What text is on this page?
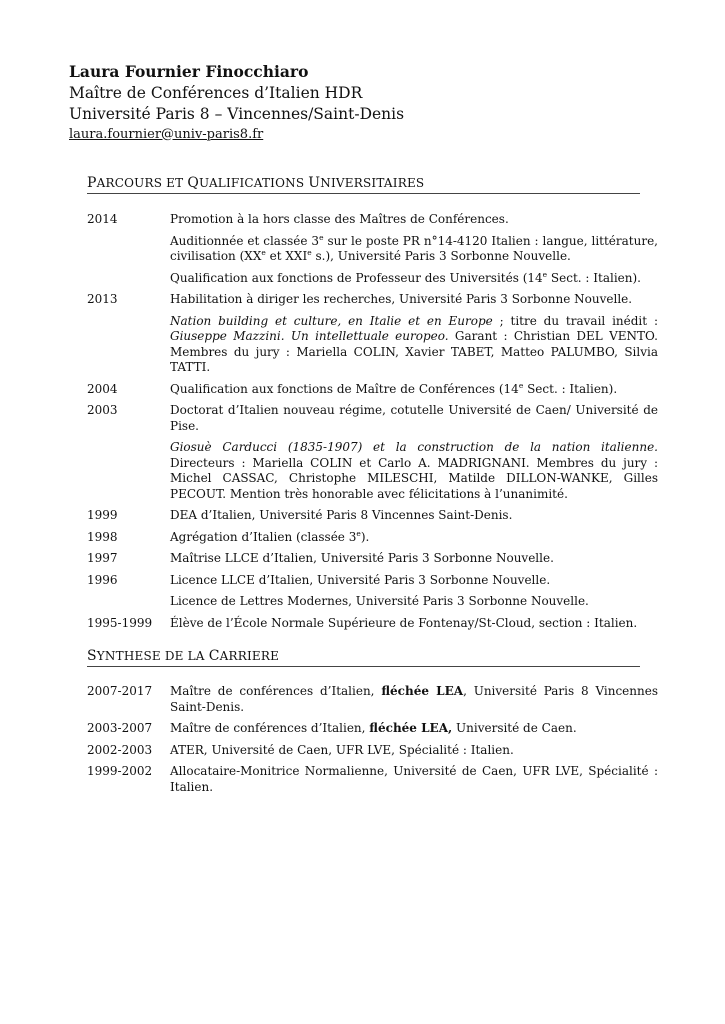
Laura Fournier Finocchiaro
Maître de Conférences d’Italien HDR
Université Paris 8 – Vincennes/Saint-Denis
laura.fournier@univ-paris8.fr
PARCOURS ET QUALIFICATIONS UNIVERSITAIRES
2014	Promotion à la hors classe des Maîtres de Conférences.
Auditionnée et classée 3e sur le poste PR n°14-4120 Italien : langue, littérature, civilisation (XXe et XXIe s.), Université Paris 3 Sorbonne Nouvelle.
Qualification aux fonctions de Professeur des Universités (14e Sect. : Italien).
2013	Habilitation à diriger les recherches, Université Paris 3 Sorbonne Nouvelle.
Nation building et culture, en Italie et en Europe ; titre du travail inédit : Giuseppe Mazzini. Un intellettuale europeo. Garant : Christian DEL VENTO. Membres du jury : Mariella COLIN, Xavier TABET, Matteo PALUMBO, Silvia TATTI.
2004	Qualification aux fonctions de Maître de Conférences (14e Sect. : Italien).
2003	Doctorat d’Italien nouveau régime, cotutelle Université de Caen/ Université de Pise.
Giosuè Carducci (1835-1907) et la construction de la nation italienne. Directeurs : Mariella COLIN et Carlo A. MADRIGNANI. Membres du jury : Michel CASSAC, Christophe MILESCHI, Matilde DILLON-WANKE, Gilles PECOUT. Mention très honorable avec félicitations à l’unanimité.
1999	DEA d’Italien, Université Paris 8 Vincennes Saint-Denis.
1998	Agrégation d’Italien (classée 3e).
1997	Maîtrise LLCE d’Italien, Université Paris 3 Sorbonne Nouvelle.
1996	Licence LLCE d’Italien, Université Paris 3 Sorbonne Nouvelle.
Licence de Lettres Modernes, Université Paris 3 Sorbonne Nouvelle.
1995-1999	Élève de l’École Normale Supérieure de Fontenay/St-Cloud, section : Italien.
SYNTHESE DE LA CARRIERE
2007-2017	Maître de conférences d’Italien, fléchée LEA, Université Paris 8 Vincennes Saint-Denis.
2003-2007	Maître de conférences d’Italien, fléchée LEA, Université de Caen.
2002-2003	ATER, Université de Caen, UFR LVE, Spécialité : Italien.
1999-2002	Allocataire-Monitrice Normalienne, Université de Caen, UFR LVE, Spécialité : Italien.
